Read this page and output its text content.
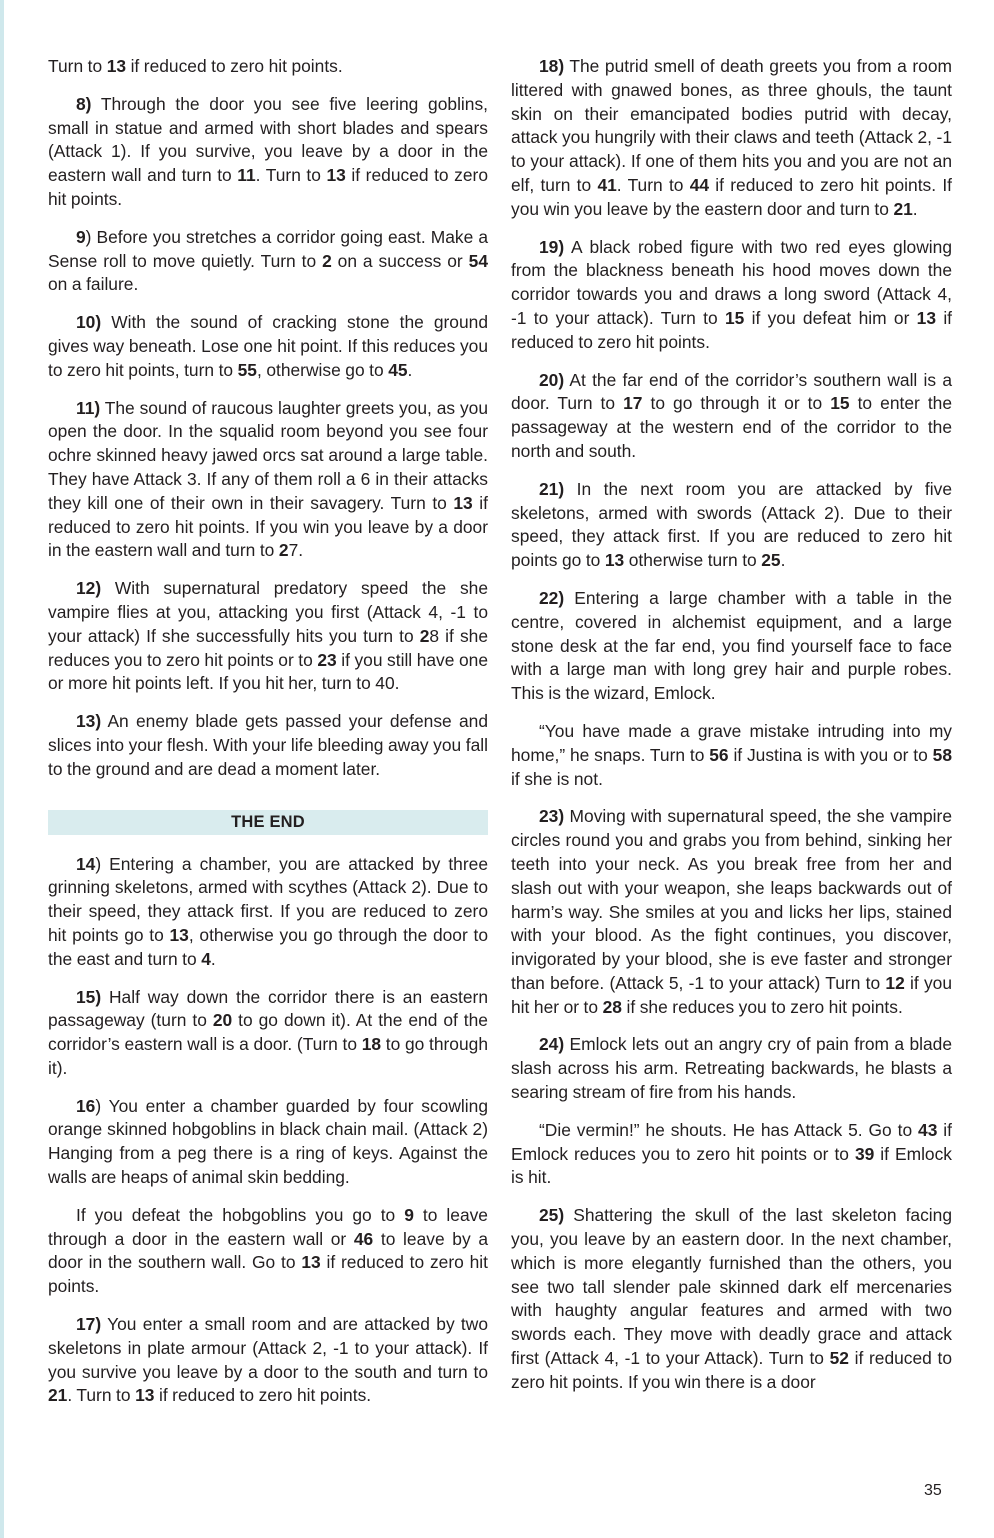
Turn to 13 if reduced to zero hit points.

8) Through the door you see five leering goblins, small in statue and armed with short blades and spears (Attack 1). If you survive, you leave by a door in the eastern wall and turn to 11. Turn to 13 if reduced to zero hit points.

9) Before you stretches a corridor going east. Make a Sense roll to move quietly. Turn to 2 on a success or 54 on a failure.

10) With the sound of cracking stone the ground gives way beneath. Lose one hit point. If this reduces you to zero hit points, turn to 55, otherwise go to 45.

11) The sound of raucous laughter greets you, as you open the door. In the squalid room beyond you see four ochre skinned heavy jawed orcs sat around a large table. They have Attack 3. If any of them roll a 6 in their attacks they kill one of their own in their savagery. Turn to 13 if reduced to zero hit points. If you win you leave by a door in the eastern wall and turn to 27.

12) With supernatural predatory speed the she vampire flies at you, attacking you first (Attack 4, -1 to your attack) If she successfully hits you turn to 28 if she reduces you to zero hit points or to 23 if you still have one or more hit points left. If you hit her, turn to 40.

13) An enemy blade gets passed your defense and slices into your flesh. With your life bleeding away you fall to the ground and are dead a moment later.

THE END

14) Entering a chamber, you are attacked by three grinning skeletons, armed with scythes (Attack 2). Due to their speed, they attack first. If you are reduced to zero hit points go to 13, otherwise you go through the door to the east and turn to 4.

15) Half way down the corridor there is an eastern passageway (turn to 20 to go down it). At the end of the corridor’s eastern wall is a door. (Turn to 18 to go through it).

16) You enter a chamber guarded by four scowling orange skinned hobgoblins in black chain mail. (Attack 2) Hanging from a peg there is a ring of keys. Against the walls are heaps of animal skin bedding.

If you defeat the hobgoblins you go to 9 to leave through a door in the eastern wall or 46 to leave by a door in the southern wall. Go to 13 if reduced to zero hit points.

17) You enter a small room and are attacked by two skeletons in plate armour (Attack 2, -1 to your attack). If you survive you leave by a door to the south and turn to 21. Turn to 13 if reduced to zero hit points.

18) The putrid smell of death greets you from a room littered with gnawed bones, as three ghouls, the taunt skin on their emancipated bodies putrid with decay, attack you hungrily with their claws and teeth (Attack 2, -1 to your attack). If one of them hits you and you are not an elf, turn to 41. Turn to 44 if reduced to zero hit points. If you win you leave by the eastern door and turn to 21.

19) A black robed figure with two red eyes glowing from the blackness beneath his hood moves down the corridor towards you and draws a long sword (Attack 4, -1 to your attack). Turn to 15 if you defeat him or 13 if reduced to zero hit points.

20) At the far end of the corridor’s southern wall is a door. Turn to 17 to go through it or to 15 to enter the passageway at the western end of the corridor to the north and south.

21) In the next room you are attacked by five skeletons, armed with swords (Attack 2). Due to their speed, they attack first. If you are reduced to zero hit points go to 13 otherwise turn to 25.

22) Entering a large chamber with a table in the centre, covered in alchemist equipment, and a large stone desk at the far end, you find yourself face to face with a large man with long grey hair and purple robes. This is the wizard, Emlock.

“You have made a grave mistake intruding into my home,” he snaps. Turn to 56 if Justina is with you or to 58 if she is not.

23) Moving with supernatural speed, the she vampire circles round you and grabs you from behind, sinking her teeth into your neck. As you break free from her and slash out with your weapon, she leaps backwards out of harm’s way. She smiles at you and licks her lips, stained with your blood. As the fight continues, you discover, invigorated by your blood, she is eve faster and stronger than before. (Attack 5, -1 to your attack) Turn to 12 if you hit her or to 28 if she reduces you to zero hit points.

24) Emlock lets out an angry cry of pain from a blade slash across his arm. Retreating backwards, he blasts a searing stream of fire from his hands.

“Die vermin!” he shouts. He has Attack 5. Go to 43 if Emlock reduces you to zero hit points or to 39 if Emlock is hit.

25) Shattering the skull of the last skeleton facing you, you leave by an eastern door. In the next chamber, which is more elegantly furnished than the others, you see two tall slender pale skinned dark elf mercenaries with haughty angular features and armed with two swords each. They move with deadly grace and attack first (Attack 4, -1 to your Attack). Turn to 52 if reduced to zero hit points. If you win there is a door

35
